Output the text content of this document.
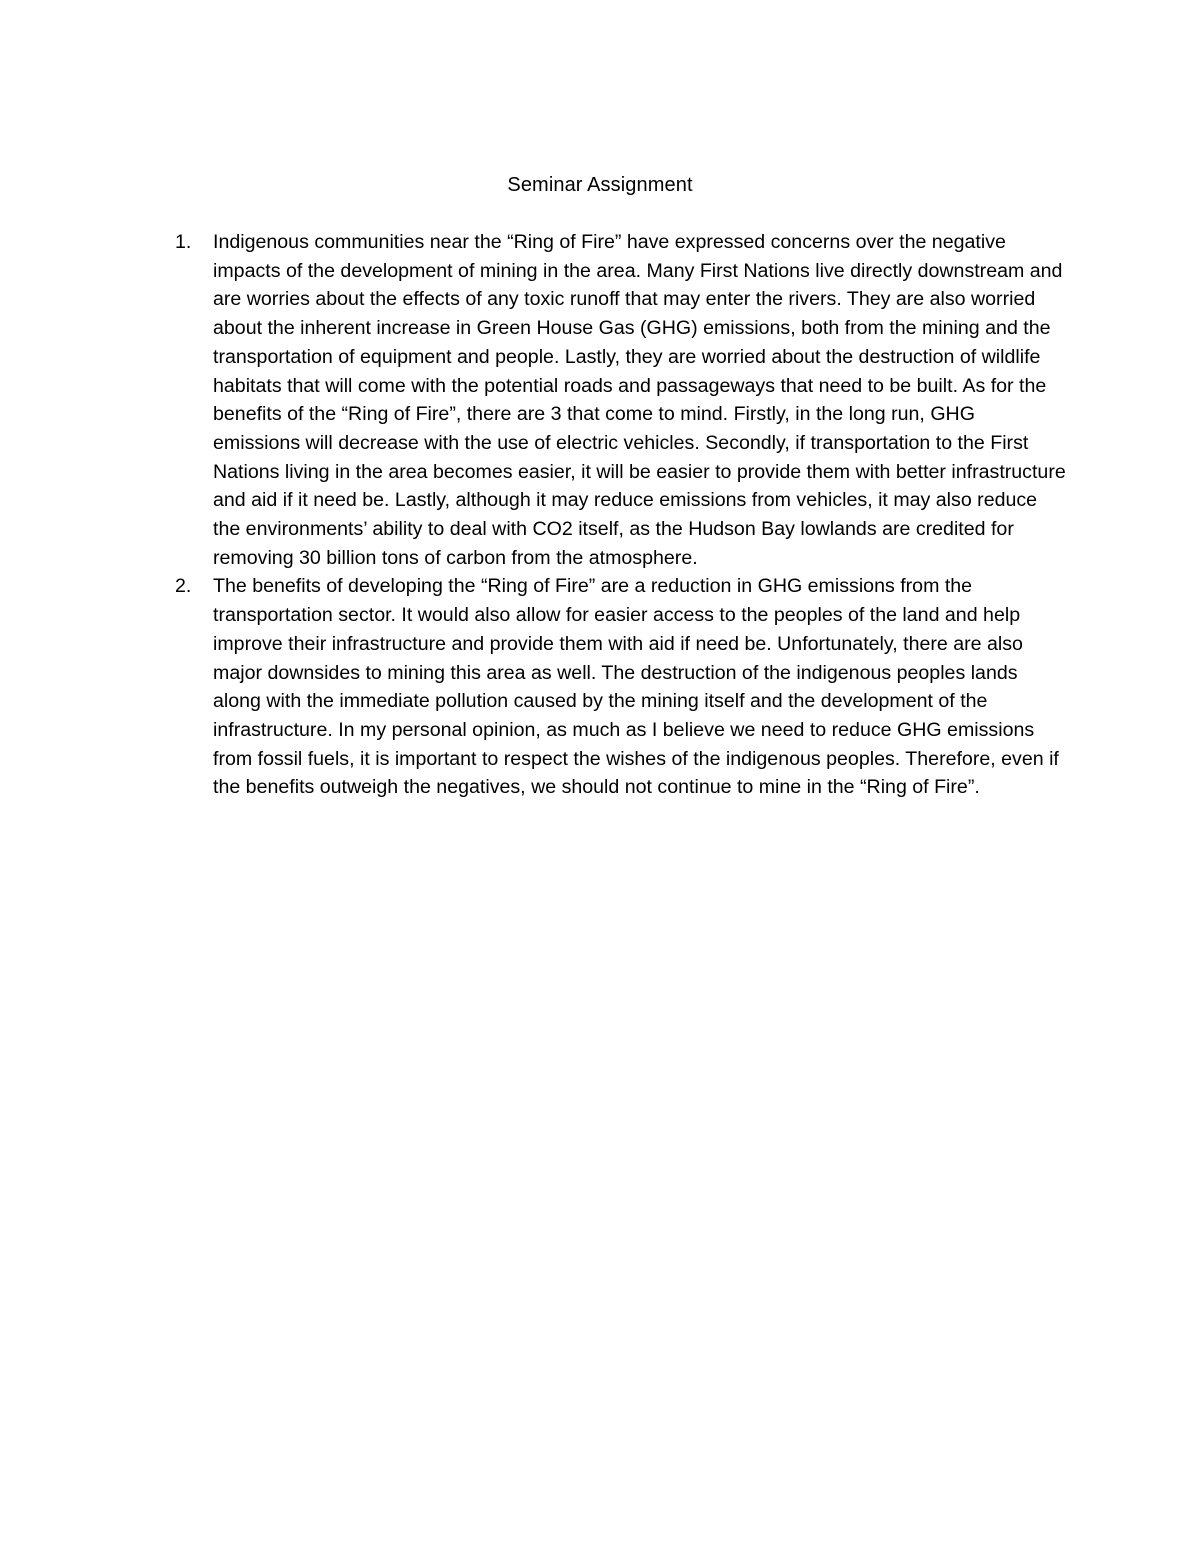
Seminar Assignment
1. Indigenous communities near the “Ring of Fire” have expressed concerns over the negative impacts of the development of mining in the area. Many First Nations live directly downstream and are worries about the effects of any toxic runoff that may enter the rivers. They are also worried about the inherent increase in Green House Gas (GHG) emissions, both from the mining and the transportation of equipment and people. Lastly, they are worried about the destruction of wildlife habitats that will come with the potential roads and passageways that need to be built. As for the benefits of the “Ring of Fire”, there are 3 that come to mind. Firstly, in the long run, GHG emissions will decrease with the use of electric vehicles. Secondly, if transportation to the First Nations living in the area becomes easier, it will be easier to provide them with better infrastructure and aid if it need be. Lastly, although it may reduce emissions from vehicles, it may also reduce the environments’ ability to deal with CO2 itself, as the Hudson Bay lowlands are credited for removing 30 billion tons of carbon from the atmosphere.
2. The benefits of developing the “Ring of Fire” are a reduction in GHG emissions from the transportation sector. It would also allow for easier access to the peoples of the land and help improve their infrastructure and provide them with aid if need be. Unfortunately, there are also major downsides to mining this area as well. The destruction of the indigenous peoples lands along with the immediate pollution caused by the mining itself and the development of the infrastructure. In my personal opinion, as much as I believe we need to reduce GHG emissions from fossil fuels, it is important to respect the wishes of the indigenous peoples. Therefore, even if the benefits outweigh the negatives, we should not continue to mine in the “Ring of Fire”.
